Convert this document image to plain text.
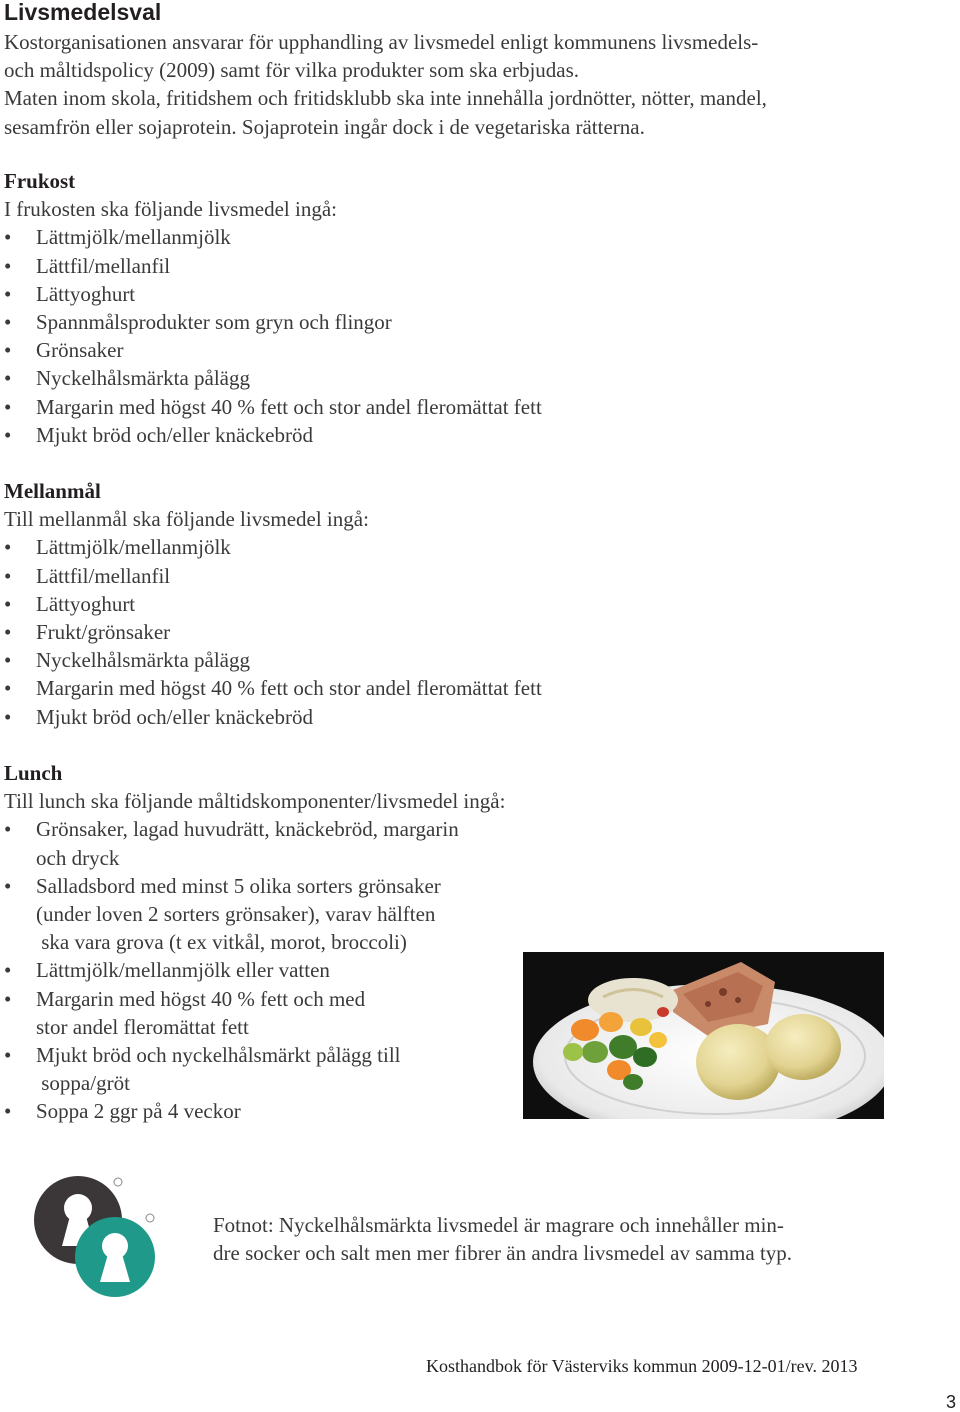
Livsmedelsval

Kostorganisationen ansvarar för upphandling av livsmedel enligt kommunens livsmedels-

och måltidspolicy (2009) samt för vilka produkter som ska erbjudas.

Maten inom skola, fritidshem och fritidsklubb ska inte innehålla jordnötter, nötter, mandel,

sesamfrön eller sojaprotein. Sojaprotein ingår dock i de vegetariska rätterna.

Frukost
I frukosten ska följande livsmedel ingå:
• Lättmjölk/mellanmjölk
• Lättfil/mellanfil
• Lättyoghurt
• Spannmålsprodukter som gryn och flingor
• Grönsaker
• Nyckelhålsmärkta pålägg
• Margarin med högst 40 % fett och stor andel fleromättat fett
• Mjukt bröd och/eller knäckebröd
Mellanmål
Till mellanmål ska följande livsmedel ingå:
• Lättmjölk/mellanmjölk
• Lättfil/mellanfil
• Lättyoghurt
• Frukt/grönsaker
• Nyckelhålsmärkta pålägg
• Margarin med högst 40 % fett och stor andel fleromättat fett
• Mjukt bröd och/eller knäckebröd
Lunch
Till lunch ska följande måltidskomponenter/livsmedel ingå:
• Grönsaker, lagad huvudrätt, knäckebröd, margarin
och dryck
• Salladsbord med minst 5 olika sorters grönsaker
(under loven 2 sorters grönsaker), varav hälften
ska vara grova (t ex vitkål, morot, broccoli)
• Lättmjölk/mellanmjölk eller vatten
• Margarin med högst 40 % fett och med
stor andel fleromättat fett
• Mjukt bröd och nyckelhålsmärkt pålägg till
soppa/gröt
• Soppa 2 ggr på 4 veckor

Fotnot: Nyckelhålsmärkta livsmedel är magrare och innehåller min-

dre socker och salt men mer fibrer än andra livsmedel av samma typ.

Kosthandbok för Västerviks kommun 2009-12-01/rev. 2013
3
